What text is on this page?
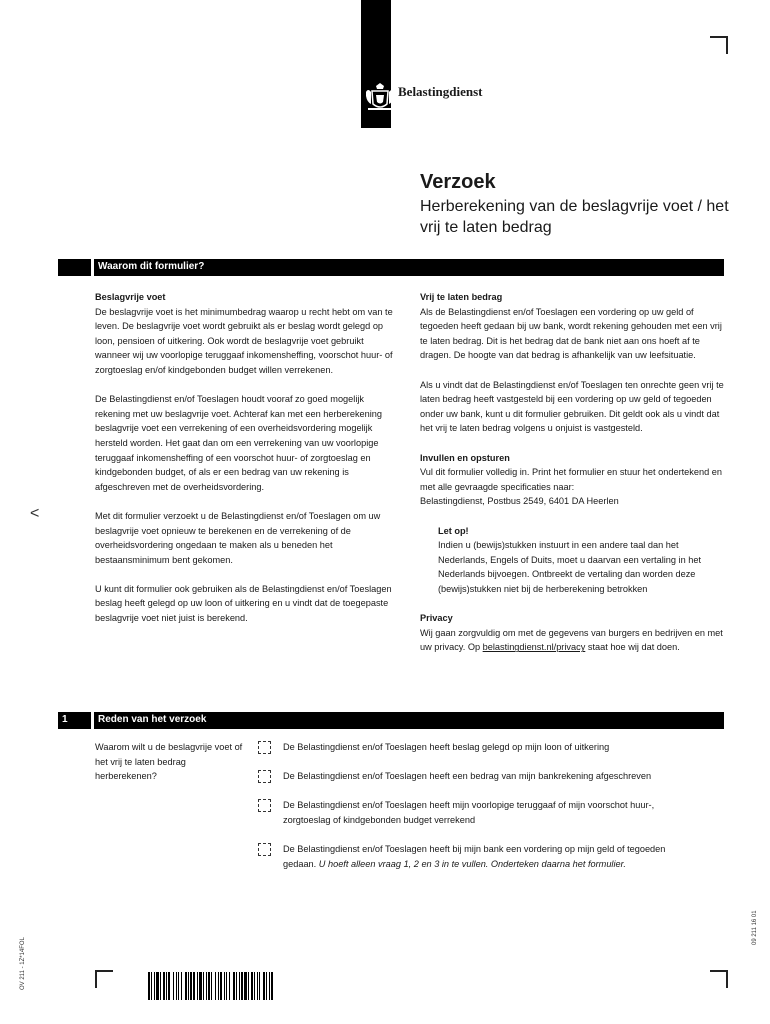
Belastingdienst
<
Verzoek
Herberekening van de beslagvrije voet / het vrij te laten bedrag
Waarom dit formulier?
Beslagvrije voet

De beslagvrije voet is het minimumbedrag waarop u recht hebt om van te leven. De beslagvrije voet wordt gebruikt als er beslag wordt gelegd op loon, pensioen of uitkering. Ook wordt de beslagvrije voet gebruikt wanneer wij uw voorlopige teruggaaf inkomensheffing, voorschot huur- of zorgtoeslag en/of kindgebonden budget willen verrekenen.

De Belastingdienst en/of Toeslagen houdt vooraf zo goed mogelijk rekening met uw beslagvrije voet. Achteraf kan met een herberekening beslagvrije voet een verrekening of een overheidsvordering mogelijk hersteld worden. Het gaat dan om een verrekening van uw voorlopige teruggaaf inkomensheffing of een voorschot huur- of zorgtoeslag en kindgebonden budget, of als er een bedrag van uw rekening is afgeschreven met de overheidsvordering.

Met dit formulier verzoekt u de Belastingdienst en/of Toeslagen om uw beslagvrije voet opnieuw te berekenen en de verrekening of de overheidsvordering ongedaan te maken als u beneden het bestaansminimum bent gekomen.

U kunt dit formulier ook gebruiken als de Belastingdienst en/of Toeslagen beslag heeft gelegd op uw loon of uitkering en u vindt dat de toegepaste beslagvrije voet niet juist is berekend.

Vrij te laten bedrag

Als de Belastingdienst en/of Toeslagen een vordering op uw geld of tegoeden heeft gedaan bij uw bank, wordt rekening gehouden met een vrij te laten bedrag. Dit is het bedrag dat de bank niet aan ons hoeft af te dragen. De hoogte van dat bedrag is afhankelijk van uw leefsituatie.

Als u vindt dat de Belastingdienst en/of Toeslagen ten onrechte geen vrij te laten bedrag heeft vastgesteld bij een vordering op uw geld of tegoeden onder uw bank, kunt u dit formulier gebruiken. Dit geldt ook als u vindt dat het vrij te laten bedrag volgens u onjuist is vastgesteld.

Invullen en opsturen
Vul dit formulier volledig in. Print het formulier en stuur het ondertekend en met alle gevraagde specificaties naar:

Belastingdienst, Postbus 2549, 6401 DA Heerlen

Let op!
Indien u (bewijs)stukken instuurt in een andere taal dan het Nederlands, Engels of Duits, moet u daarvan een vertaling in het Nederlands bijvoegen. Ontbreekt de vertaling dan worden deze (bewijs)stukken niet bij de herberekening betrokken
Privacy
Wij gaan zorgvuldig om met de gegevens van burgers en bedrijven en met uw privacy. Op belastingdienst.nl/privacy staat hoe wij dat doen.
1	Reden van het verzoek
Waarom wilt u de beslagvrije voet of het vrij te laten bedrag herberekenen?
De Belastingdienst en/of Toeslagen heeft beslag gelegd op mijn loon of uitkering
De Belastingdienst en/of Toeslagen heeft een bedrag van mijn bankrekening afgeschreven
De Belastingdienst en/of Toeslagen heeft mijn voorlopige teruggaaf of mijn voorschot huur-, zorgtoeslag of kindgebonden budget verrekend
De Belastingdienst en/of Toeslagen heeft bij mijn bank een vordering op mijn geld of tegoeden gedaan. U hoeft alleen vraag 1, 2 en 3 in te vullen. Onderteken daarna het formulier.
OV 211 - 1Z*14FOL
09 211 16 01
